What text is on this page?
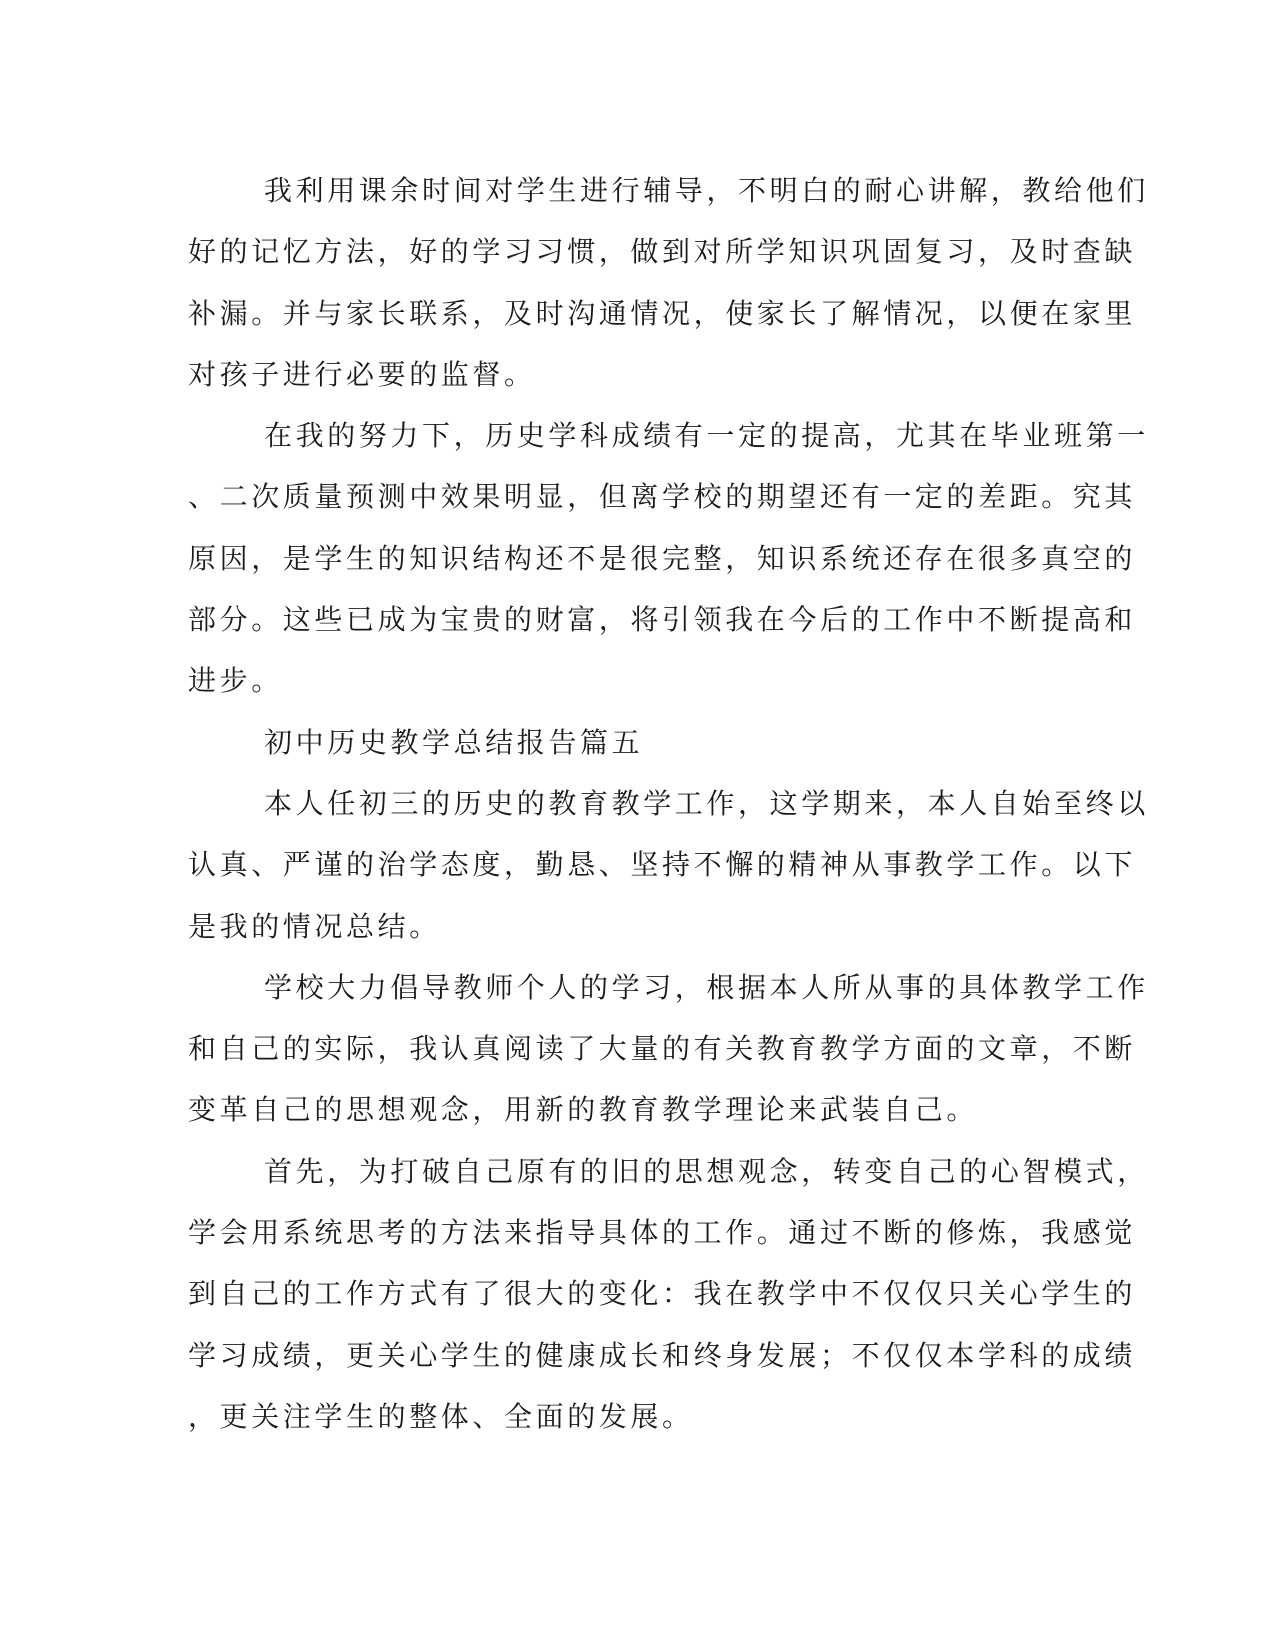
我利用课余时间对学生进行辅导，不明白的耐心讲解，教给他们
好的记忆方法，好的学习习惯，做到对所学知识巩固复习，及时查缺
补漏。并与家长联系，及时沟通情况，使家长了解情况，以便在家里
对孩子进行必要的监督。
在我的努力下，历史学科成绩有一定的提高，尤其在毕业班第一
、二次质量预测中效果明显，但离学校的期望还有一定的差距。究其
原因，是学生的知识结构还不是很完整，知识系统还存在很多真空的
部分。这些已成为宝贵的财富，将引领我在今后的工作中不断提高和
进步。
初中历史教学总结报告篇五
本人任初三的历史的教育教学工作，这学期来，本人自始至终以
认真、严谨的治学态度，勤恳、坚持不懈的精神从事教学工作。以下
是我的情况总结。
学校大力倡导教师个人的学习，根据本人所从事的具体教学工作
和自己的实际，我认真阅读了大量的有关教育教学方面的文章，不断
变革自己的思想观念，用新的教育教学理论来武装自己。
首先，为打破自己原有的旧的思想观念，转变自己的心智模式，
学会用系统思考的方法来指导具体的工作。通过不断的修炼，我感觉
到自己的工作方式有了很大的变化：我在教学中不仅仅只关心学生的
学习成绩，更关心学生的健康成长和终身发展；不仅仅本学科的成绩
，更关注学生的整体、全面的发展。
